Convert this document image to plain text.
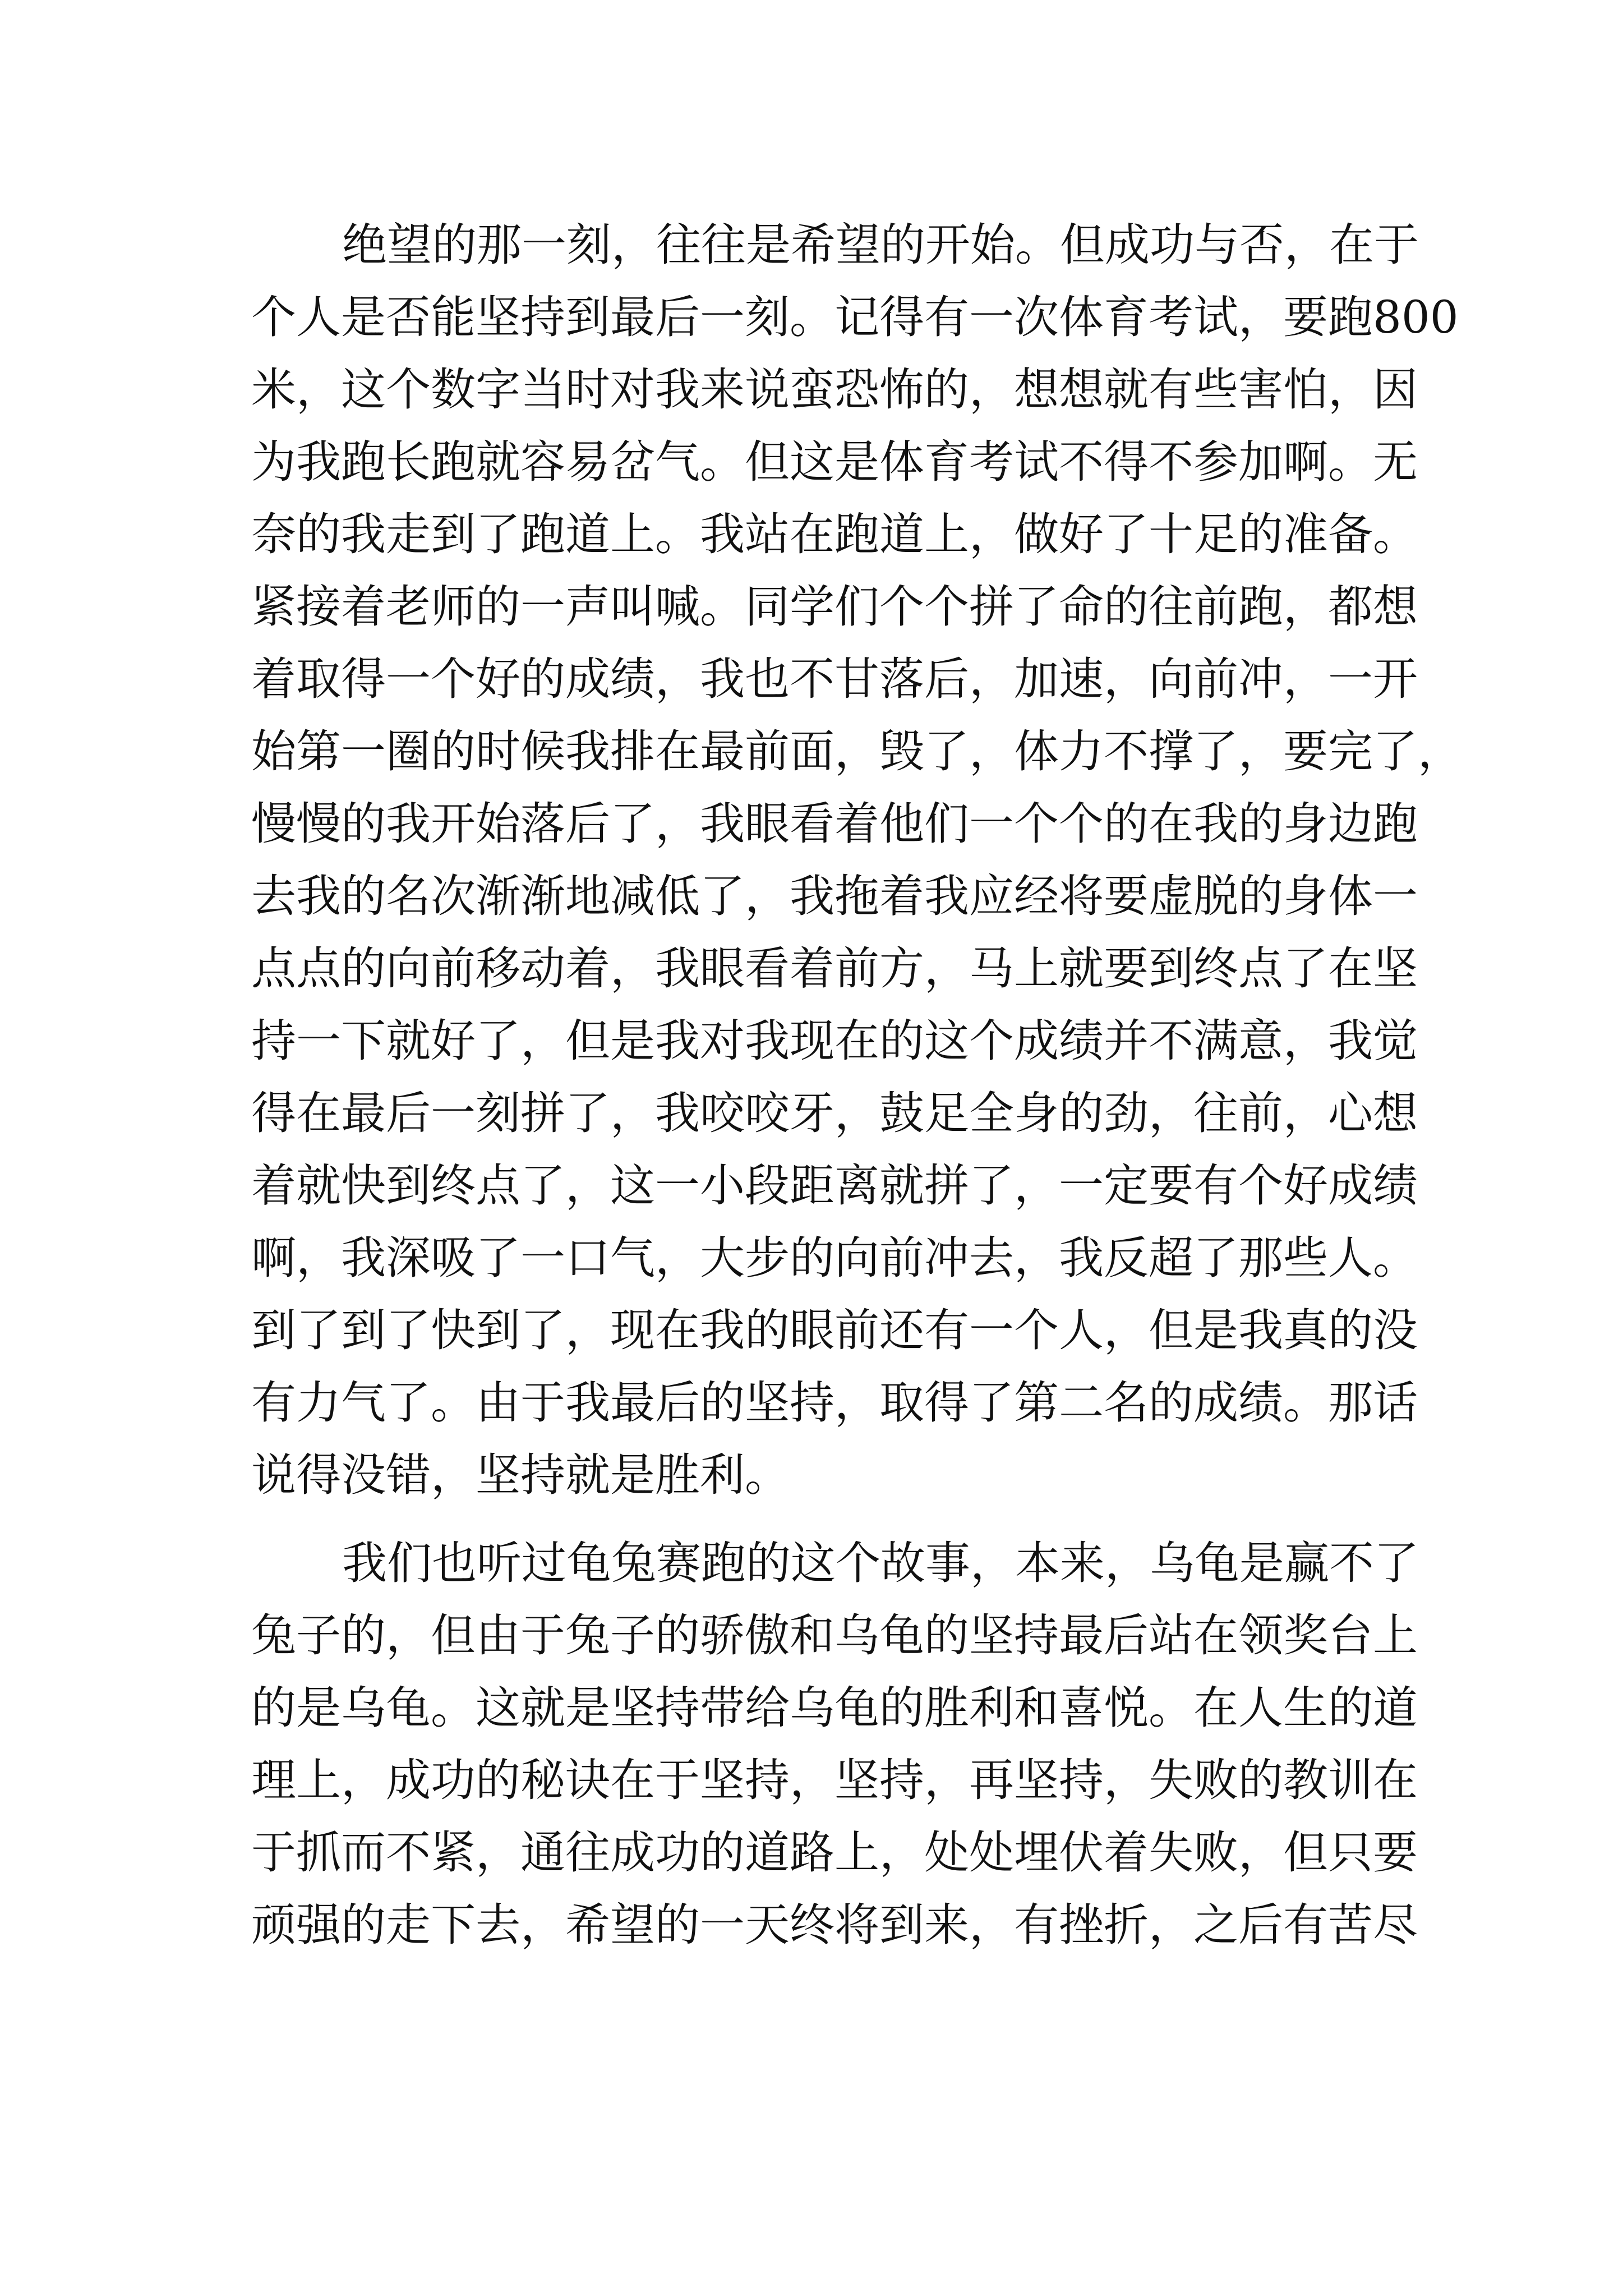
绝望的那一刻，往往是希望的开始。但成功与否，在于
个人是否能坚持到最后一刻。记得有一次体育考试，要跑800
米，这个数字当时对我来说蛮恐怖的，想想就有些害怕，因
为我跑长跑就容易岔气。但这是体育考试不得不参加啊。无
奈的我走到了跑道上。我站在跑道上，做好了十足的准备。
紧接着老师的一声叫喊。同学们个个拼了命的往前跑，都想
着取得一个好的成绩，我也不甘落后，加速，向前冲，一开
始第一圈的时候我排在最前面，毁了，体力不撑了，要完了，
慢慢的我开始落后了，我眼看着他们一个个的在我的身边跑
去我的名次渐渐地减低了，我拖着我应经将要虚脱的身体一
点点的向前移动着，我眼看着前方，马上就要到终点了在坚
持一下就好了，但是我对我现在的这个成绩并不满意，我觉
得在最后一刻拼了，我咬咬牙，鼓足全身的劲，往前，心想
着就快到终点了，这一小段距离就拼了，一定要有个好成绩
啊，我深吸了一口气，大步的向前冲去，我反超了那些人。
到了到了快到了，现在我的眼前还有一个人，但是我真的没
有力气了。由于我最后的坚持，取得了第二名的成绩。那话
说得没错，坚持就是胜利。
我们也听过龟兔赛跑的这个故事，本来，乌龟是赢不了
兔子的，但由于兔子的骄傲和乌龟的坚持最后站在领奖台上
的是乌龟。这就是坚持带给乌龟的胜利和喜悦。在人生的道
理上，成功的秘诀在于坚持，坚持，再坚持，失败的教训在
于抓而不紧，通往成功的道路上，处处埋伏着失败，但只要
顽强的走下去，希望的一天终将到来，有挫折，之后有苦尽
